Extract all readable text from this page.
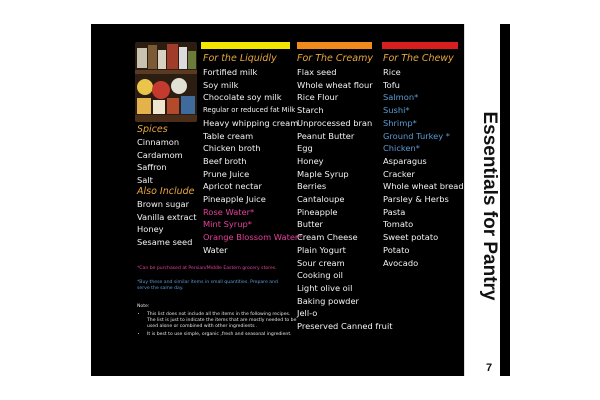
Spices
Cinnamon
Cardamom
Saffron
Salt
Also Include
Brown sugar
Vanilla extract
Honey
Sesame seed
*Can be purchased at Persian/Middle Eastern grocery stores.
*Buy these and similar items in small quantities. Prepare and serve the same day.
Note:
• This list does not include all the items in the following recipes. The list is just to indicate the items that are mostly needed to be used alone or combined with other ingredients .
• It is best to use simple, organic ,fresh and seasonal ingredient.
For the Liquidly For The Creamy For The Chewy
Fortified milk
Soy milk
Chocolate soy milk
Regular or reduced fat Milk
Heavy whipping cream
Table cream
Chicken broth
Beef broth
Prune Juice
Apricot nectar
Pineapple Juice
Rose Water*
Mint Syrup*
Orange Blossom Water*
Water
Flax seed
Whole wheat flour
Rice Flour
Starch
Unprocessed bran
Peanut Butter
Egg
Honey
Maple Syrup
Berries
Cantaloupe
Pineapple
Butter
Cream Cheese
Plain Yogurt
Sour cream
Cooking oil
Light olive oil
Baking powder
Jell-o
Preserved Canned fruit
Rice
Tofu
Salmon*
Sushi*
Shrimp*
Ground Turkey *
Chicken*
Asparagus
Cracker
Whole wheat bread
Parsley & Herbs
Pasta
Tomato
Sweet potato
Potato
Avocado	Essentials for Pantry
7
